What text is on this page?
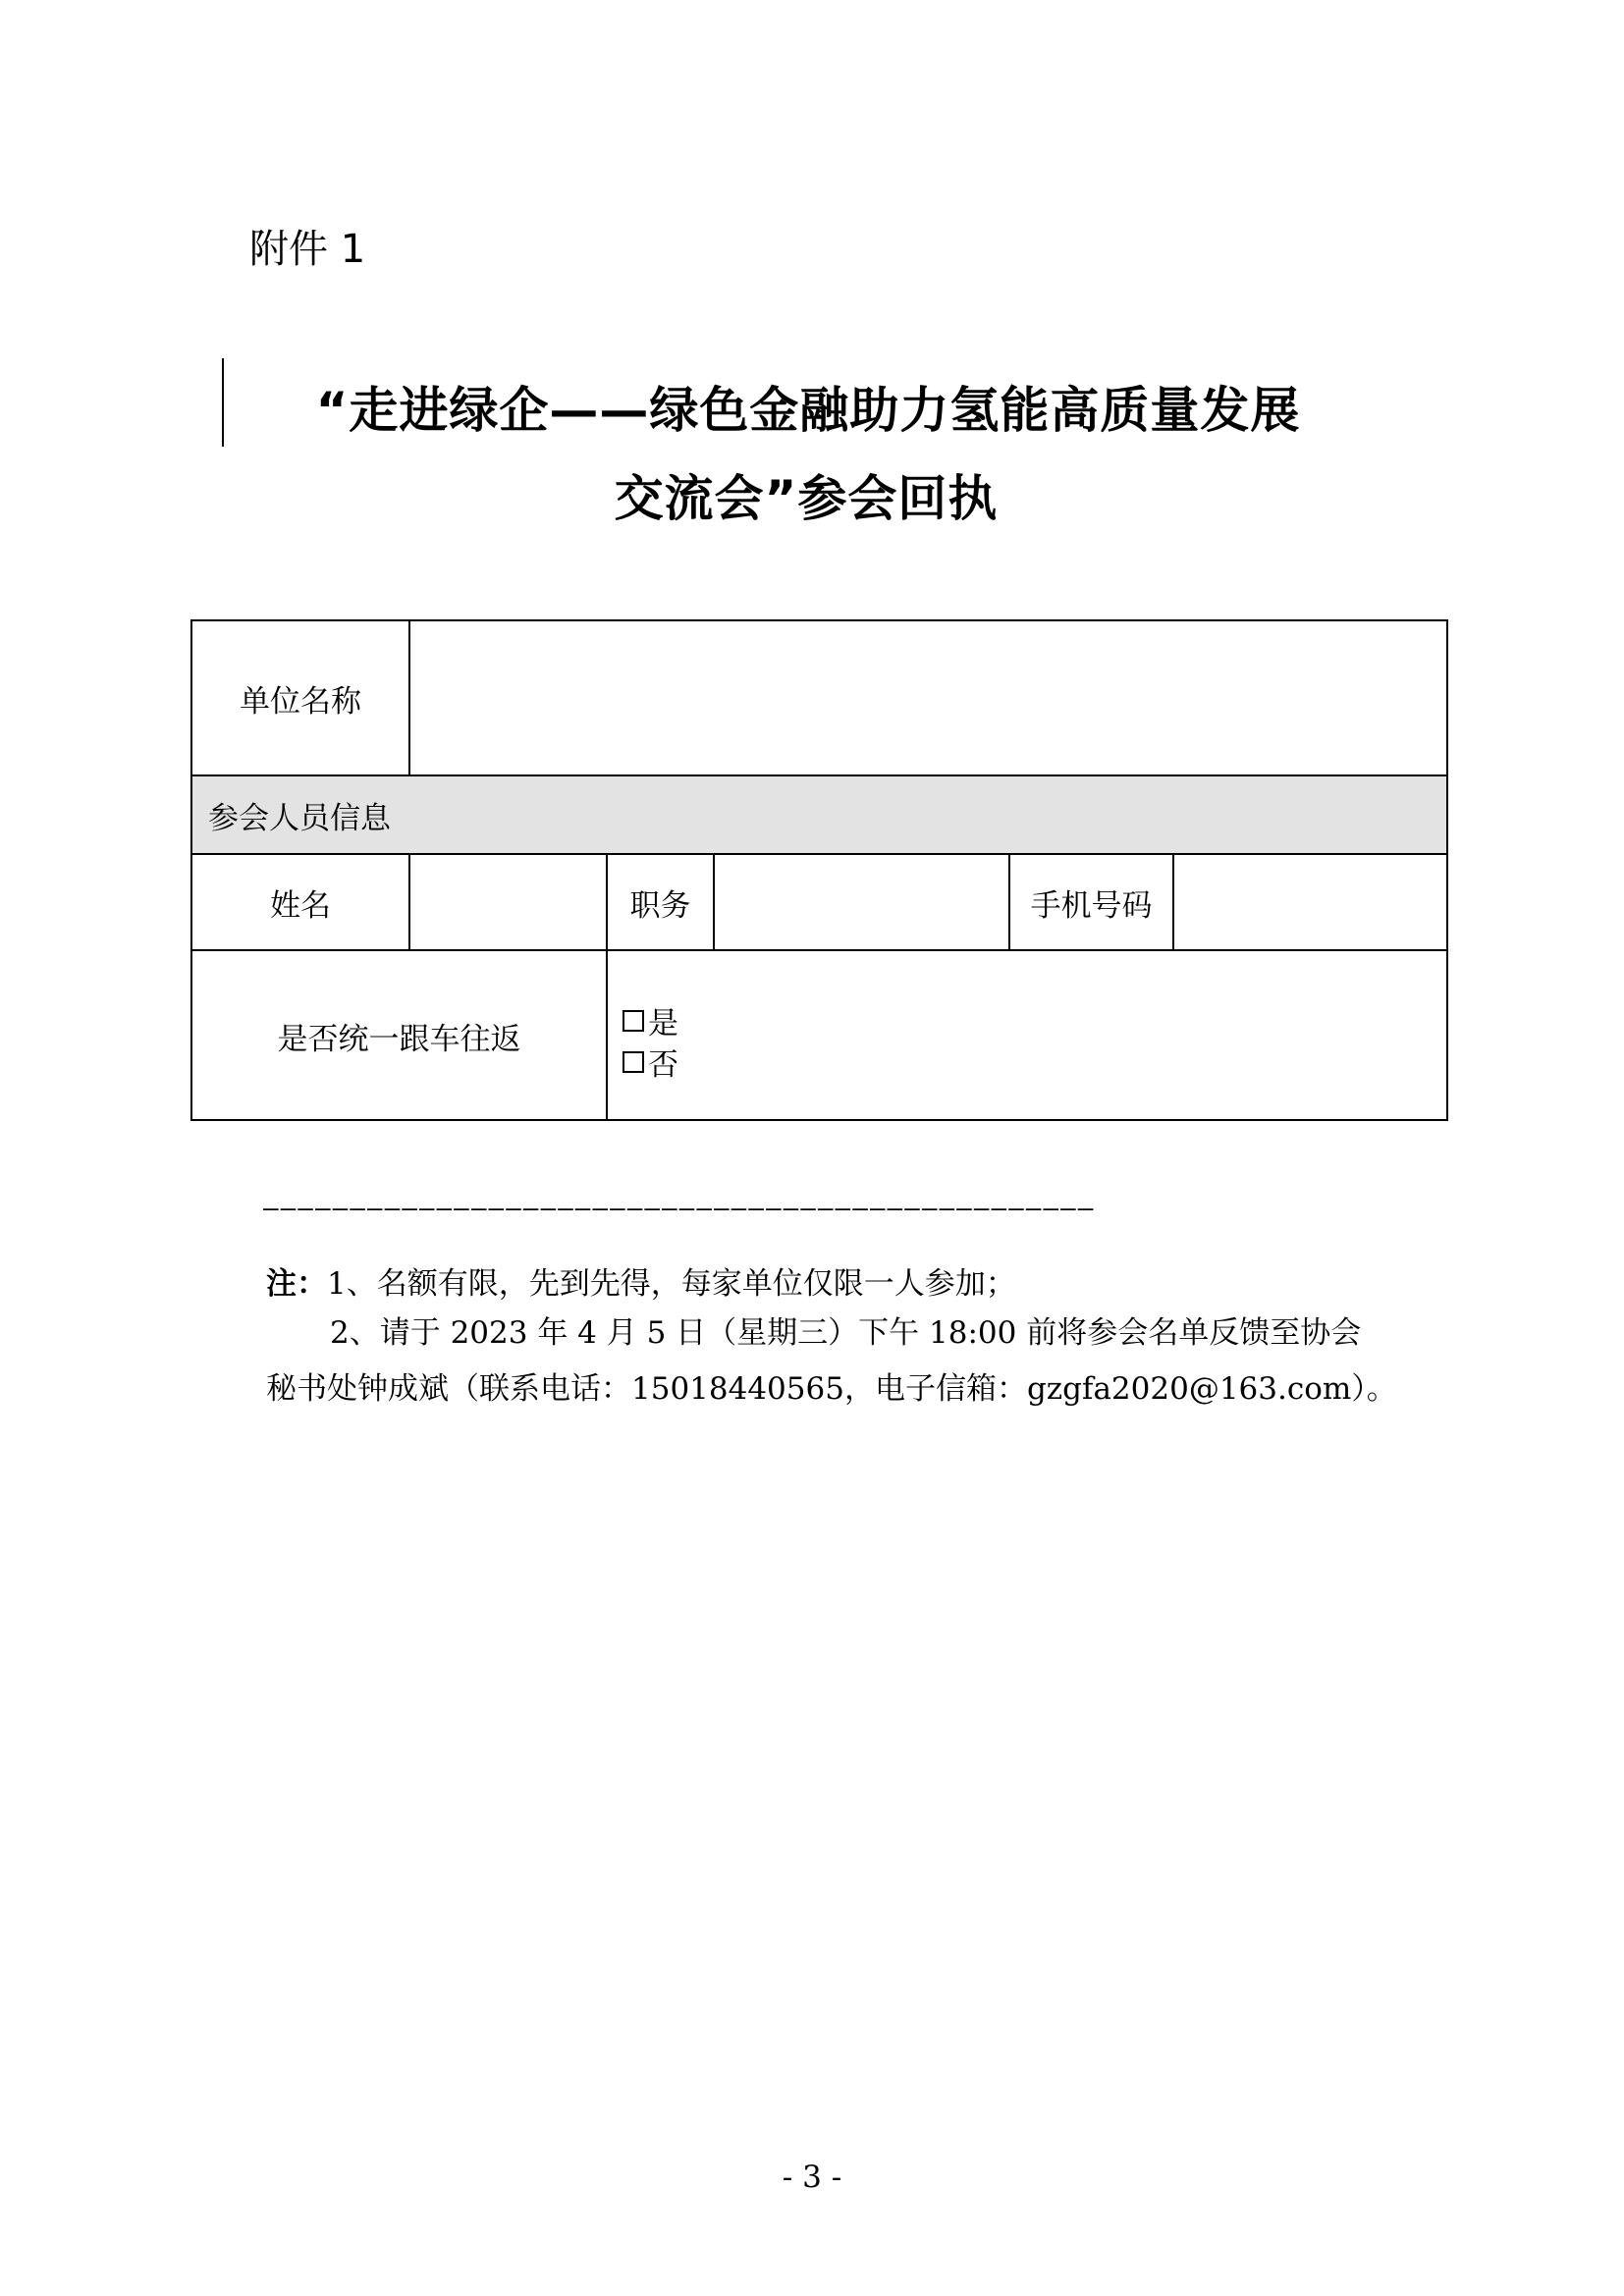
附件 1
“走进绿企——绿色金融助力氢能高质量发展
交流会”参会回执
单位名称
参会人员信息
姓名	职务	手机号码
是否统一跟车往返	是
否
––––––––––––––––––––––––––––––––––––––––––––––––
注：1、名额有限，先到先得，每家单位仅限一人参加；
2、请于 2023 年 4 月 5 日（星期三）下午 18:00 前将参会名单反馈至协会
秘书处钟成斌（联系电话：15018440565，电子信箱：gzgfa2020@163.com）。
- 3 -
